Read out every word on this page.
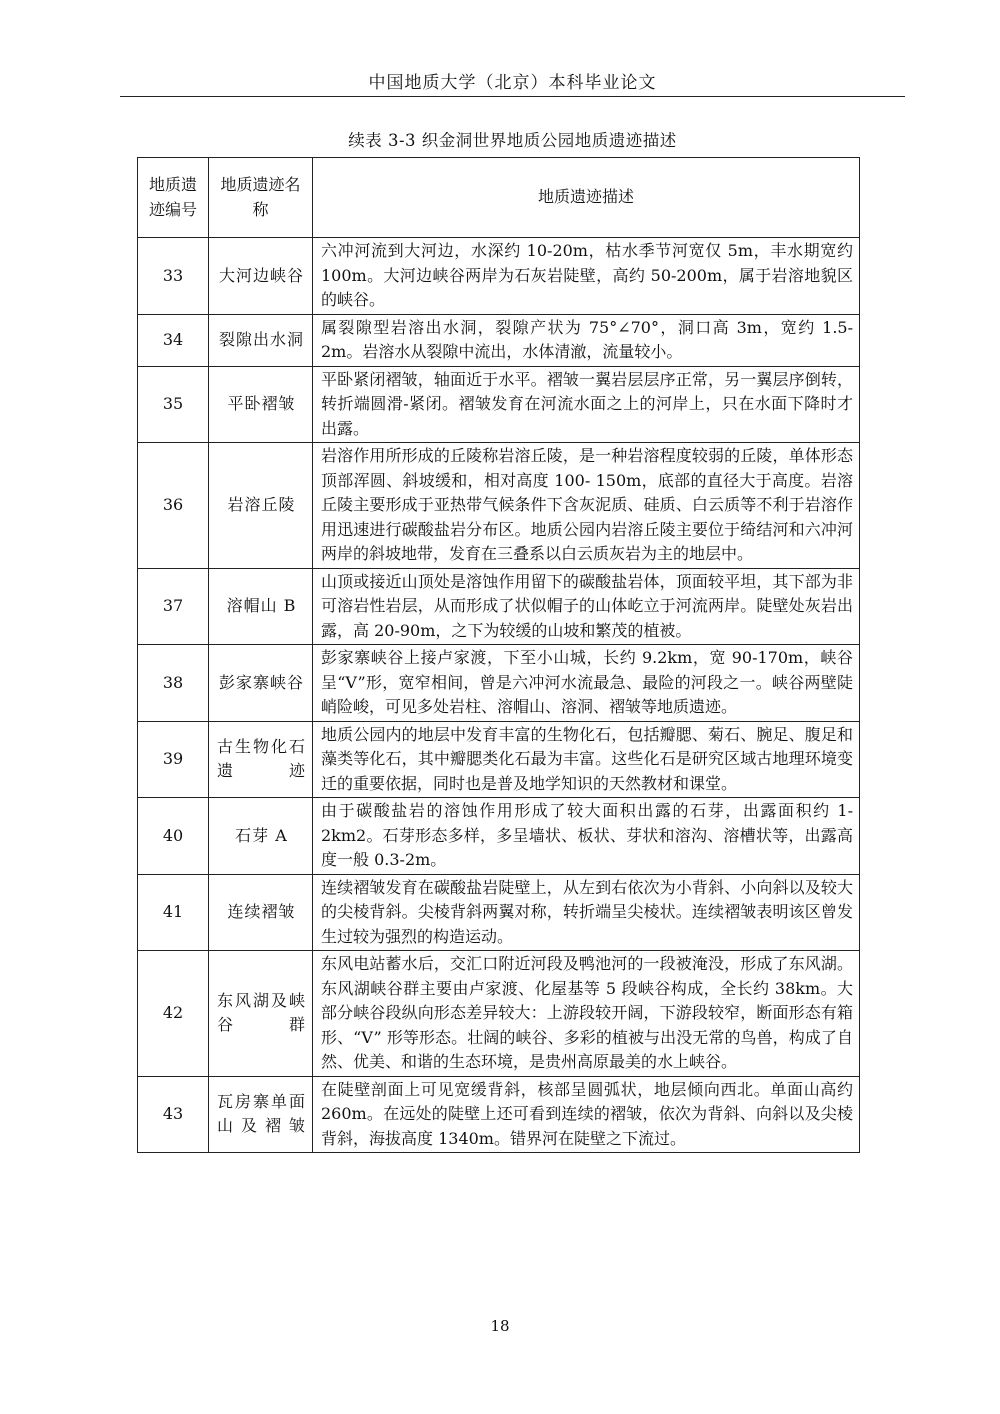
中国地质大学（北京）本科毕业论文
续表 3-3 织金洞世界地质公园地质遗迹描述
地质遗迹编号	地质遗迹名称	地质遗迹描述
33	大河边峡谷	六冲河流到大河边，水深约 10-20m，枯水季节河宽仅 5m，丰水期宽约 100m。大河边峡谷两岸为石灰岩陡壁，高约 50-200m，属于岩溶地貌区的峡谷。
34	裂隙出水洞	属裂隙型岩溶出水洞，裂隙产状为 75°∠70°，洞口高 3m，宽约 1.5-2m。岩溶水从裂隙中流出，水体清澈，流量较小。
35	平卧褶皱	平卧紧闭褶皱，轴面近于水平。褶皱一翼岩层层序正常，另一翼层序倒转，转折端圆滑-紧闭。褶皱发育在河流水面之上的河岸上，只在水面下降时才出露。
36	岩溶丘陵	岩溶作用所形成的丘陵称岩溶丘陵，是一种岩溶程度较弱的丘陵，单体形态顶部浑圆、斜坡缓和，相对高度 100- 150m，底部的直径大于高度。岩溶丘陵主要形成于亚热带气候条件下含灰泥质、硅质、白云质等不利于岩溶作用迅速进行碳酸盐岩分布区。地质公园内岩溶丘陵主要位于绮结河和六冲河两岸的斜坡地带，发育在三叠系以白云质灰岩为主的地层中。
37	溶帽山 B	山顶或接近山顶处是溶蚀作用留下的碳酸盐岩体，顶面较平坦，其下部为非可溶岩性岩层，从而形成了状似帽子的山体屹立于河流两岸。陡壁处灰岩出露，高 20-90m，之下为较缓的山坡和繁茂的植被。
38	彭家寨峡谷	彭家寨峡谷上接卢家渡，下至小山城，长约 9.2km，宽 90-170m，峡谷呈“V”形，宽窄相间，曾是六冲河水流最急、最险的河段之一。峡谷两壁陡峭险峻，可见多处岩柱、溶帽山、溶洞、褶皱等地质遗迹。
39	古生物化石遗迹	地质公园内的地层中发育丰富的生物化石，包括瓣腮、菊石、腕足、腹足和藻类等化石，其中瓣腮类化石最为丰富。这些化石是研究区域古地理环境变迁的重要依据，同时也是普及地学知识的天然教材和课堂。
40	石芽 A	由于碳酸盐岩的溶蚀作用形成了较大面积出露的石芽，出露面积约 1-2km2。石芽形态多样，多呈墙状、板状、芽状和溶沟、溶槽状等，出露高度一般 0.3-2m。
41	连续褶皱	连续褶皱发育在碳酸盐岩陡壁上，从左到右依次为小背斜、小向斜以及较大的尖棱背斜。尖棱背斜两翼对称，转折端呈尖棱状。连续褶皱表明该区曾发生过较为强烈的构造运动。
42	东风湖及峡谷群	东风电站蓄水后，交汇口附近河段及鸭池河的一段被淹没，形成了东风湖。东风湖峡谷群主要由卢家渡、化屋基等 5 段峡谷构成，全长约 38km。大部分峡谷段纵向形态差异较大：上游段较开阔，下游段较窄，断面形态有箱形、“V” 形等形态。壮阔的峡谷、多彩的植被与出没无常的鸟兽，构成了自然、优美、和谐的生态环境，是贵州高原最美的水上峡谷。
43	瓦房寨单面山及褶皱	在陡壁剖面上可见宽缓背斜，核部呈圆弧状，地层倾向西北。单面山高约 260m。在远处的陡壁上还可看到连续的褶皱，依次为背斜、向斜以及尖棱背斜，海拔高度 1340m。错界河在陡壁之下流过。
18
